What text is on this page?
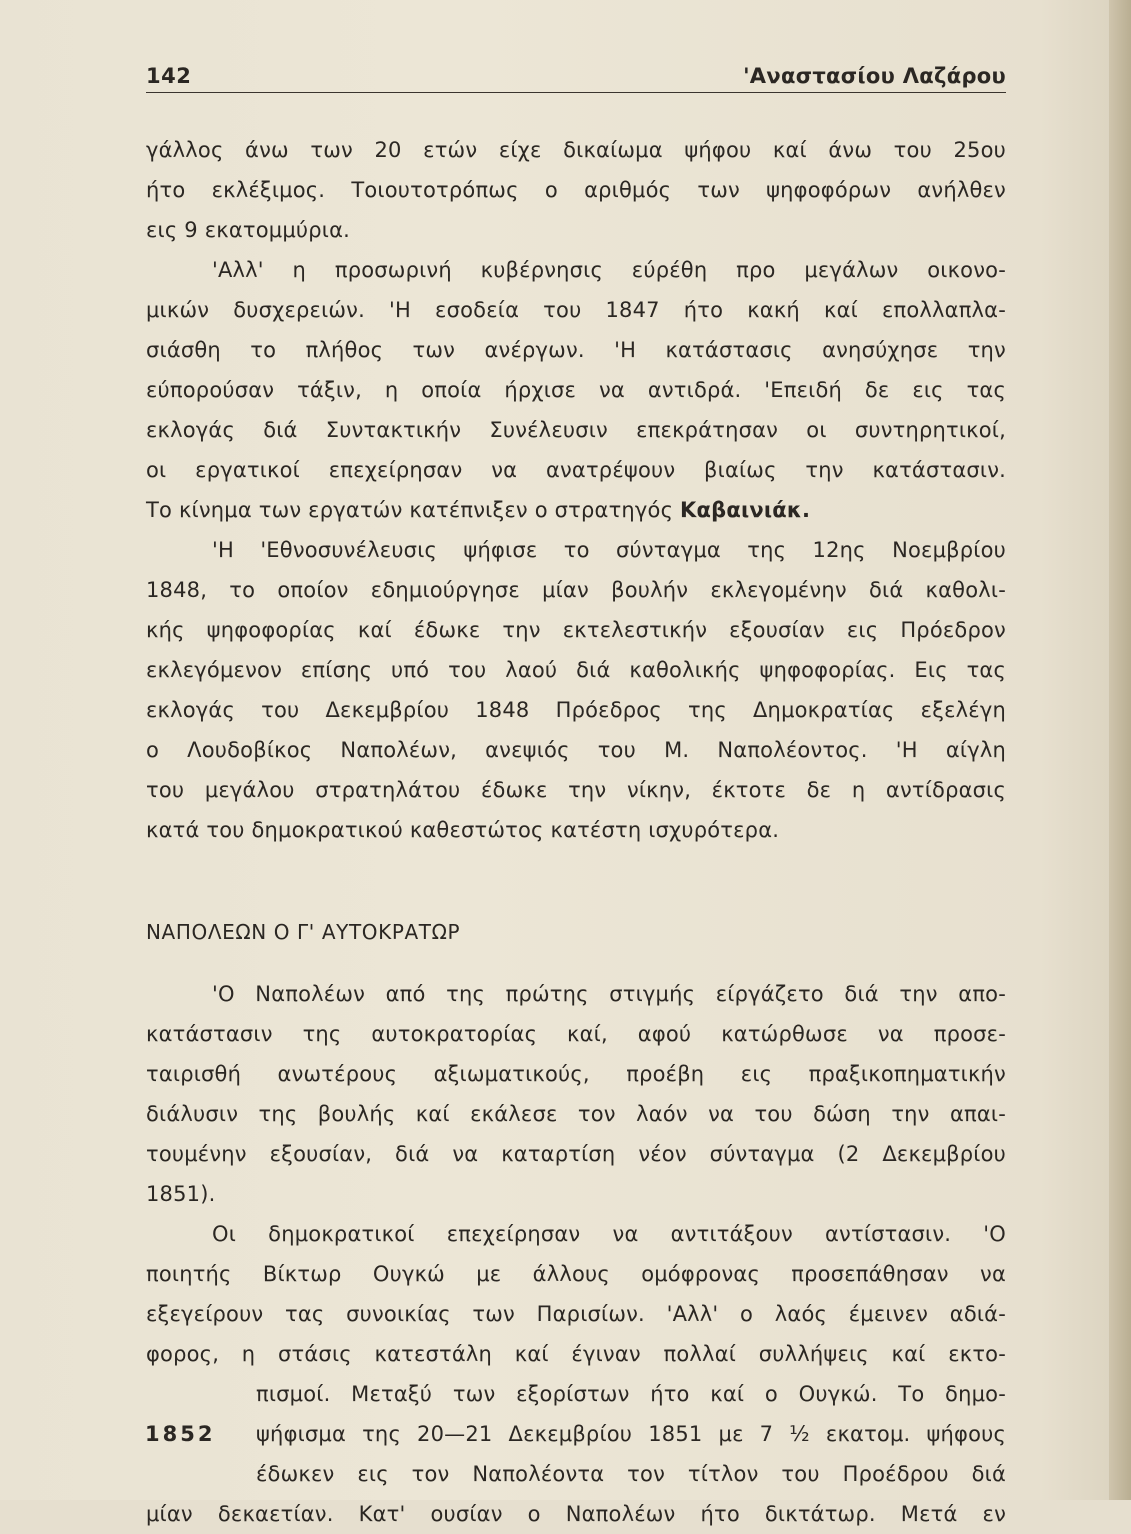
142	'Αναστασίου Λαζάρου
γάλλος άνω των 20 ετών είχε δικαίωμα ψήφου καί άνω του 25ου
ήτο εκλέξιμος. Τοιουτοτρόπως ο αριθμός των ψηφοφόρων ανήλθεν
εις 9 εκατομμύρια.
'Αλλ' η προσωρινή κυβέρνησις εύρέθη προ μεγάλων οικονο-
μικών δυσχερειών. 'Η εσοδεία του 1847 ήτο κακή καί επολλαπλα-
σιάσθη το πλήθος των ανέργων. 'Η κατάστασις ανησύχησε την
εύπορούσαν τάξιν, η οποία ήρχισε να αντιδρά. 'Επειδή δε εις τας
εκλογάς διά Συντακτικήν Συνέλευσιν επεκράτησαν οι συντηρητικοί,
οι εργατικοί επεχείρησαν να ανατρέψουν βιαίως την κατάστασιν.
Το κίνημα των εργατών κατέπνιξεν ο στρατηγός Καβαινιάκ.
'Η 'Εθνοσυνέλευσις ψήφισε το σύνταγμα της 12ης Νοεμβρίου
1848, το οποίον εδημιούργησε μίαν βουλήν εκλεγομένην διά καθολι-
κής ψηφοφορίας καί έδωκε την εκτελεστικήν εξουσίαν εις Πρόεδρον
εκλεγόμενον επίσης υπό του λαού διά καθολικής ψηφοφορίας. Εις τας
εκλογάς του Δεκεμβρίου 1848 Πρόεδρος της Δημοκρατίας εξελέγη
ο Λουδοβίκος Ναπολέων, ανεψιός του Μ. Ναπολέοντος. 'Η αίγλη
του μεγάλου στρατηλάτου έδωκε την νίκην, έκτοτε δε η αντίδρασις
κατά του δημοκρατικού καθεστώτος κατέστη ισχυρότερα.
ΝΑΠΟΛΕΩΝ Ο Γ' ΑΥΤΟΚΡΑΤΩΡ
'Ο Ναπολέων από της πρώτης στιγμής είργάζετο διά την απο-
κατάστασιν της αυτοκρατορίας καί, αφού κατώρθωσε να προσε-
ταιρισθή ανωτέρους αξιωματικούς, προέβη εις πραξικοπηματικήν
διάλυσιν της βουλής καί εκάλεσε τον λαόν να του δώση την απαι-
τουμένην εξουσίαν, διά να καταρτίση νέον σύνταγμα (2 Δεκεμβρίου
1851).
Οι δημοκρατικοί επεχείρησαν να αντιτάξουν αντίστασιν. 'Ο
ποιητής Βίκτωρ Ουγκώ με άλλους ομόφρονας προσεπάθησαν να
εξεγείρουν τας συνοικίας των Παρισίων. 'Αλλ' ο λαός έμεινεν αδιά-
φορος, η στάσις κατεστάλη καί έγιναν πολλαί συλλήψεις καί εκτο-
πισμοί. Μεταξύ των εξορίστων ήτο καί ο Ουγκώ. Το δημο-
1852 ψήφισμα της 20—21 Δεκεμβρίου 1851 με 7 ½ εκατομ. ψήφους
έδωκεν εις τον Ναπολέοντα τον τίτλον του Προέδρου διά
μίαν δεκαετίαν. Κατ' ουσίαν ο Ναπολέων ήτο δικτάτωρ. Μετά εν
